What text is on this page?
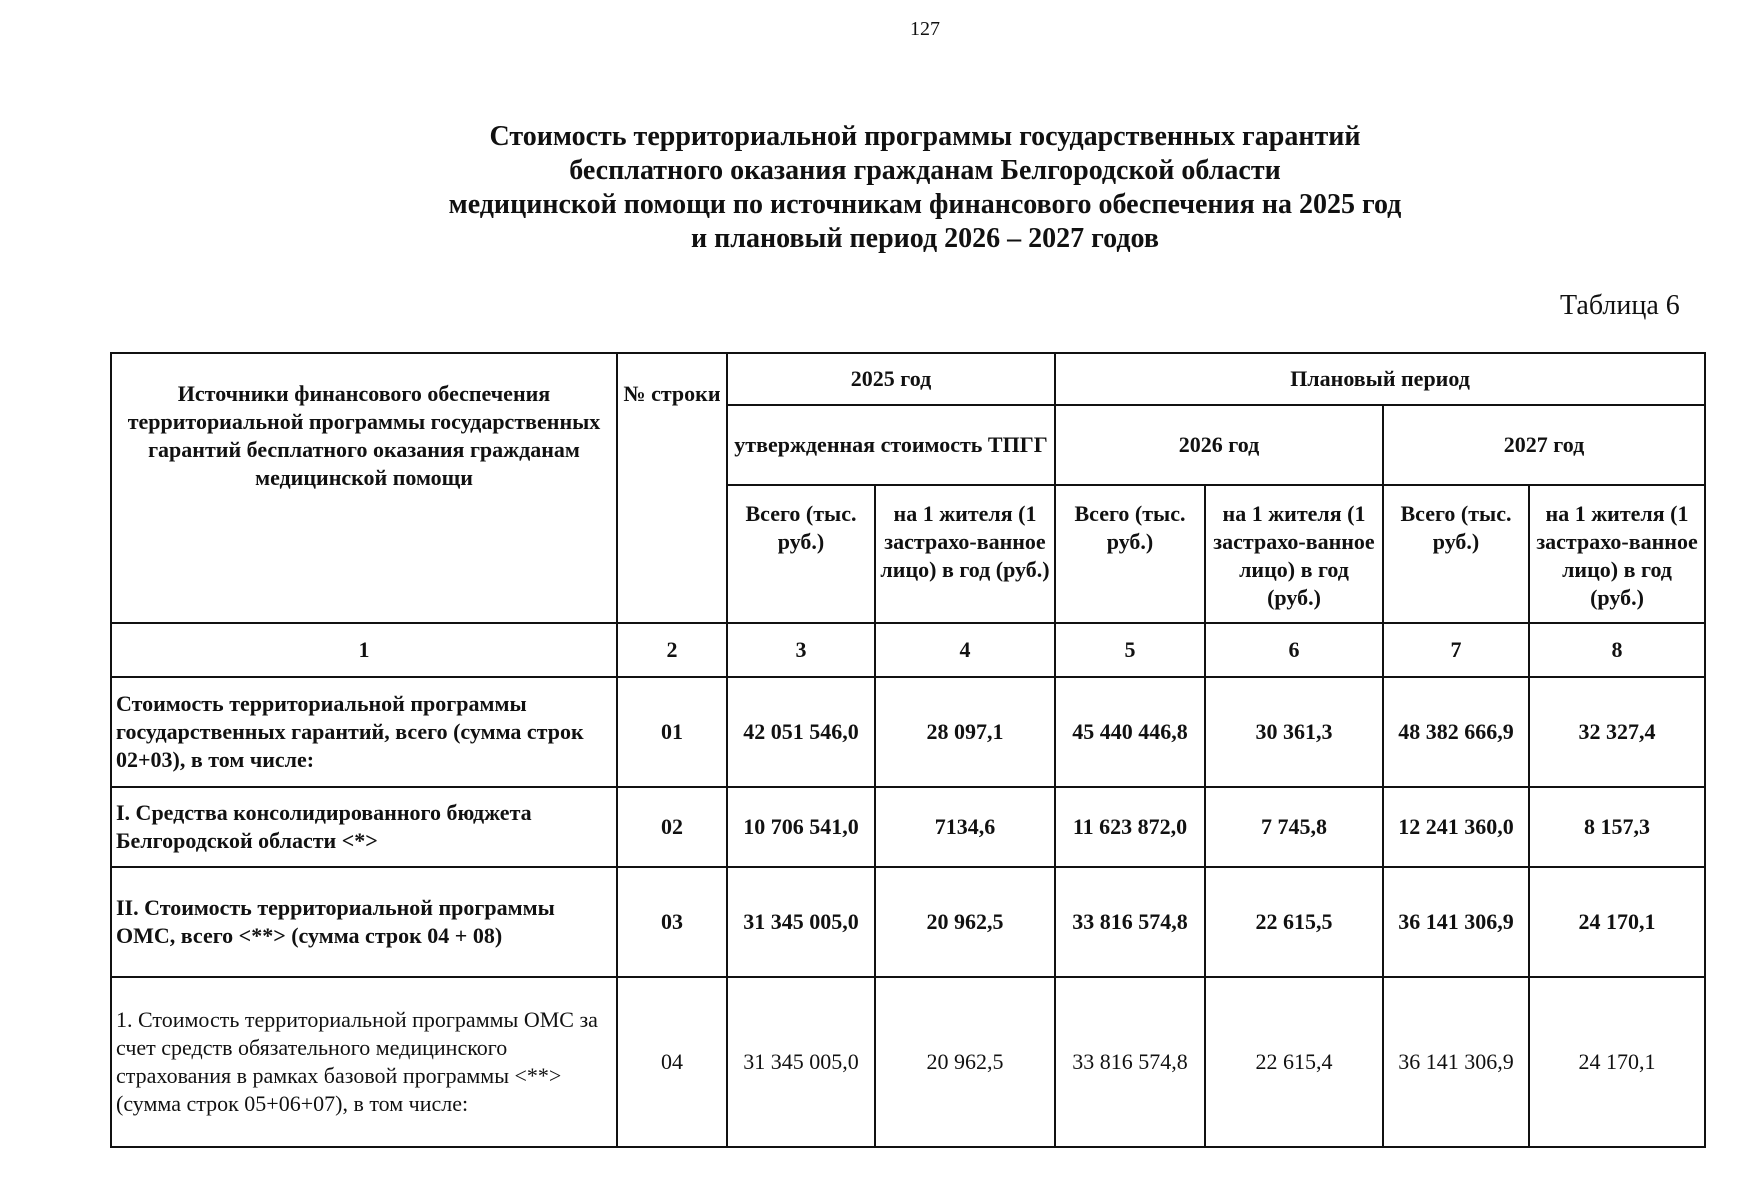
127
Стоимость территориальной программы государственных гарантий
бесплатного оказания гражданам Белгородской области
медицинской помощи по источникам финансового обеспечения на 2025 год
и плановый период 2026 – 2027 годов
Таблица 6
Источники финансового обеспечения территориальной программы государственных гарантий бесплатного оказания гражданам медицинской помощи	№ строки	2025 год		Плановый период			
		утвержденная стоимость ТПГГ		2026 год		2027 год	
		Всего (тыс. руб.)	на 1 жителя (1 застрахо-ванное лицо) в год (руб.)	Всего (тыс. руб.)	на 1 жителя (1 застрахо-ванное лицо) в год (руб.)	Всего (тыс. руб.)	на 1 жителя (1 застрахо-ванное лицо) в год (руб.)
1	2	3	4	5	6	7	8
Стоимость территориальной программы государственных гарантий, всего (сумма строк 02+03), в том числе:	01	42 051 546,0	28 097,1	45 440 446,8	30 361,3	48 382 666,9	32 327,4
I. Средства консолидированного бюджета Белгородской области <*>	02	10 706 541,0	7134,6	11 623 872,0	7 745,8	12 241 360,0	8 157,3
II. Стоимость территориальной программы ОМС, всего <**> (сумма строк 04 + 08)	03	31 345 005,0	20 962,5	33 816 574,8	22 615,5	36 141 306,9	24 170,1
1. Стоимость территориальной программы ОМС за счет средств обязательного медицинского страхования в рамках базовой программы <**> (сумма строк 05+06+07), в том числе:	04	31 345 005,0	20 962,5	33 816 574,8	22 615,4	36 141 306,9	24 170,1
